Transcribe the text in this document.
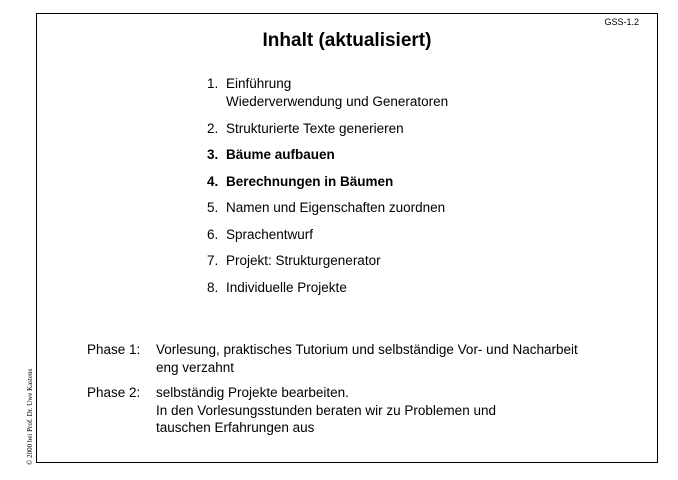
GSS-1.2
Inhalt (aktualisiert)
1. Einführung
Wiederverwendung und Generatoren
2. Strukturierte Texte generieren
3. Bäume aufbauen
4. Berechnungen in Bäumen
5. Namen und Eigenschaften zuordnen
6. Sprachentwurf
7. Projekt: Strukturgenerator
8. Individuelle Projekte
Phase 1:	Vorlesung, praktisches Tutorium und selbständige Vor- und Nacharbeit
eng verzahnt
Phase 2:	selbständig Projekte bearbeiten.
In den Vorlesungsstunden beraten wir zu Problemen und
tauschen Erfahrungen aus
© 2000 bei Prof. Dr. Uwe Kastens
